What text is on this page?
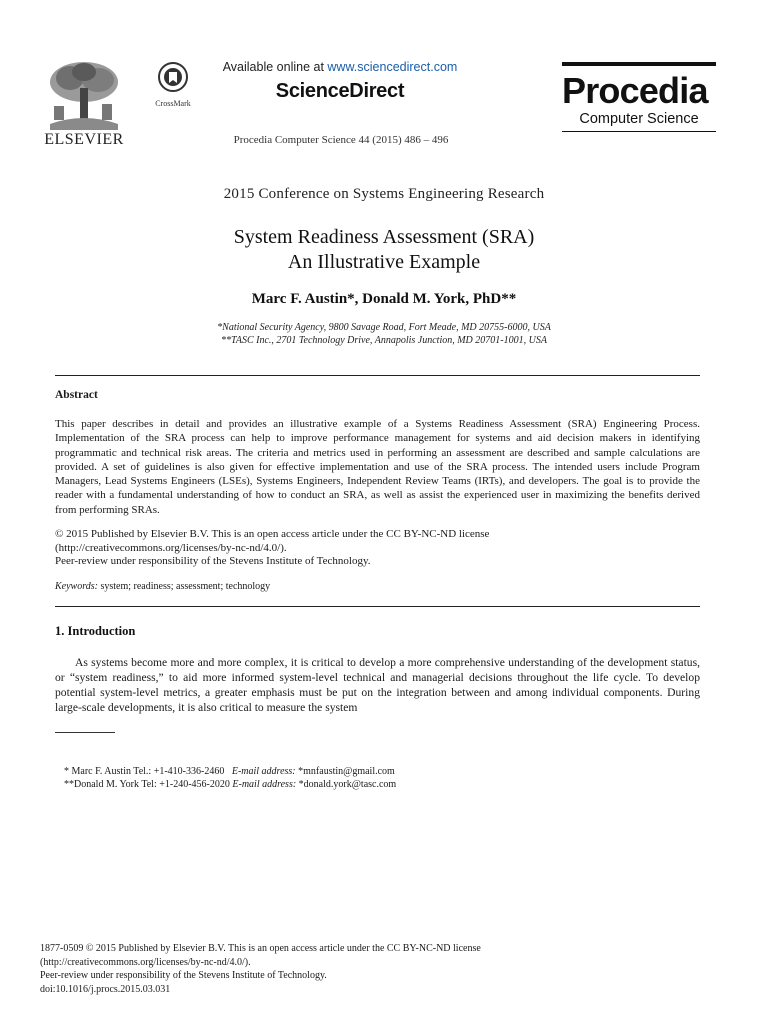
ELSEVIER
CrossMark
Available online at www.sciencedirect.com
ScienceDirect
Procedia Computer Science 44 (2015) 486 – 496
Procedia
Computer Science
2015 Conference on Systems Engineering Research
System Readiness Assessment (SRA)
An Illustrative Example
Marc F. Austin*, Donald M. York, PhD**
*National Security Agency, 9800 Savage Road, Fort Meade, MD 20755-6000, USA
**TASC Inc., 2701 Technology Drive, Annapolis Junction, MD 20701-1001, USA
Abstract
This paper describes in detail and provides an illustrative example of a Systems Readiness Assessment (SRA) Engineering Process. Implementation of the SRA process can help to improve performance management for systems and aid decision makers in identifying programmatic and technical risk areas. The criteria and metrics used in performing an assessment are described and sample calculations are provided. A set of guidelines is also given for effective implementation and use of the SRA process. The intended users include Program Managers, Lead Systems Engineers (LSEs), Systems Engineers, Independent Review Teams (IRTs), and developers. The goal is to provide the reader with a fundamental understanding of how to conduct an SRA, as well as assist the experienced user in maximizing the benefits derived from performing SRAs.
© 2015 Published by Elsevier B.V. This is an open access article under the CC BY-NC-ND license
(http://creativecommons.org/licenses/by-nc-nd/4.0/).
Peer-review under responsibility of the Stevens Institute of Technology.
Keywords: system; readiness; assessment; technology
1. Introduction
As systems become more and more complex, it is critical to develop a more comprehensive understanding of the development status, or “system readiness,” to aid more informed system-level technical and managerial decisions throughout the life cycle. To develop potential system-level metrics, a greater emphasis must be put on the integration between and among individual components. During large-scale developments, it is also critical to measure the system
* Marc F. Austin Tel.: +1-410-336-2460 E-mail address: *mnfaustin@gmail.com
**Donald M. York Tel: +1-240-456-2020 E-mail address: *donald.york@tasc.com
1877-0509 © 2015 Published by Elsevier B.V. This is an open access article under the CC BY-NC-ND license
(http://creativecommons.org/licenses/by-nc-nd/4.0/).
Peer-review under responsibility of the Stevens Institute of Technology.
doi:10.1016/j.procs.2015.03.031
